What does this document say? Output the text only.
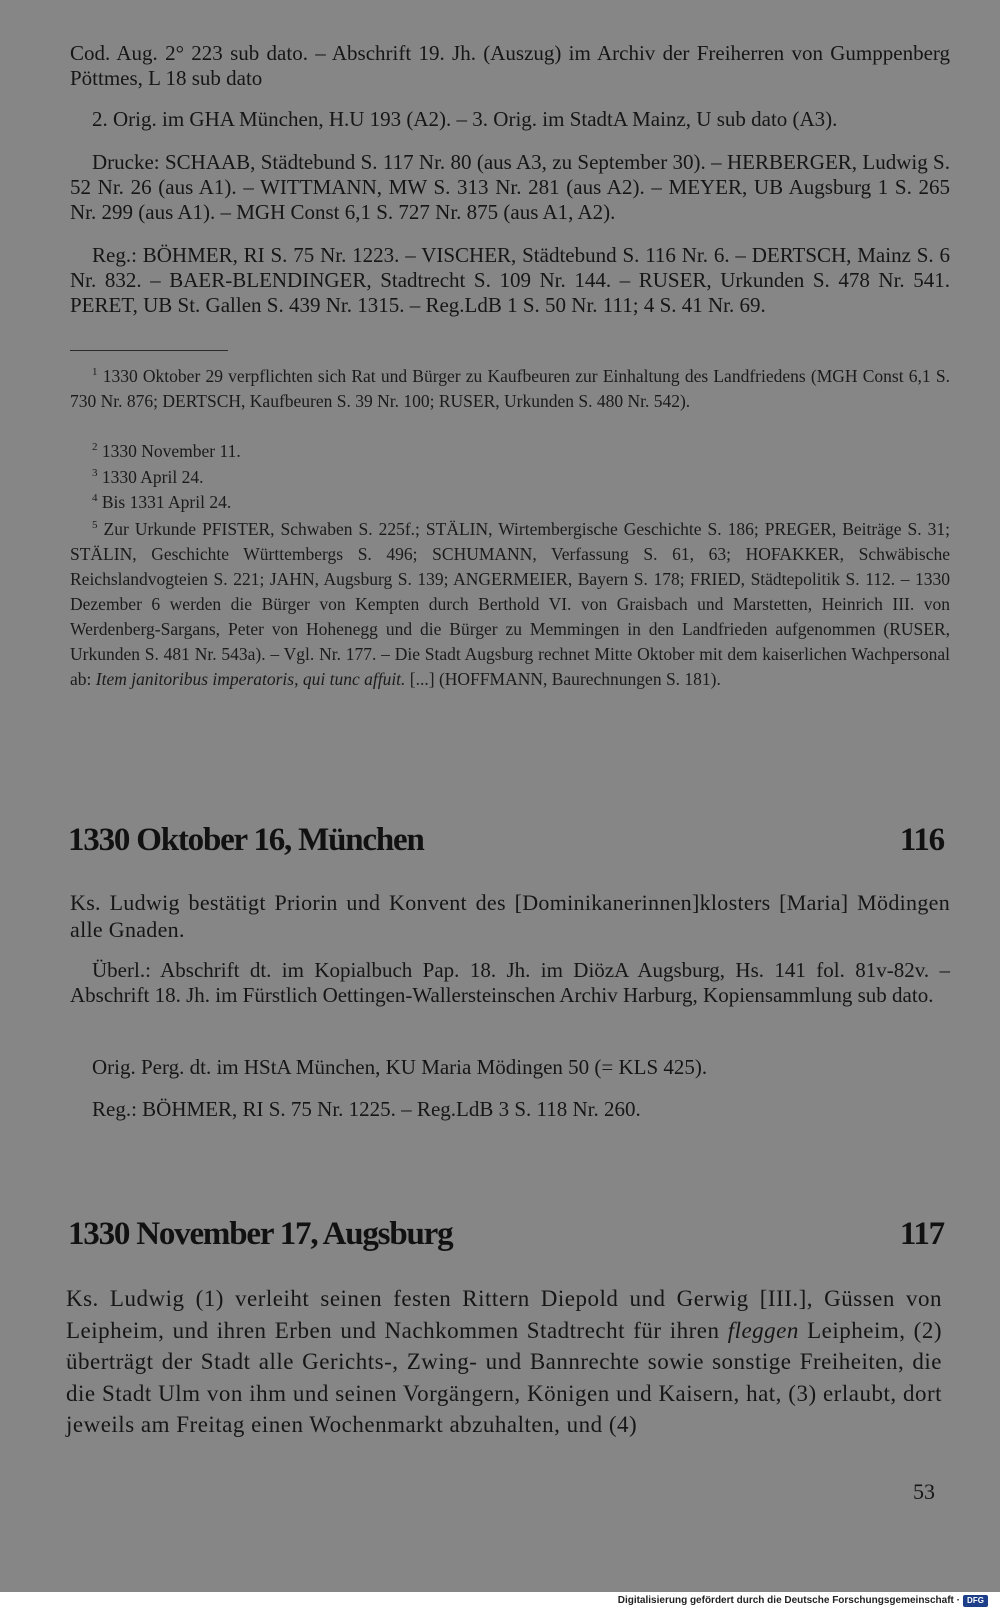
Cod. Aug. 2° 223 sub dato. – Abschrift 19. Jh. (Auszug) im Archiv der Freiherren von Gumppenberg Pöttmes, L 18 sub dato

2. Orig. im GHA München, H.U 193 (A2). – 3. Orig. im StadtA Mainz, U sub dato (A3).

Drucke: SCHAAB, Städtebund S. 117 Nr. 80 (aus A3, zu September 30). – HERBERGER, Ludwig S. 52 Nr. 26 (aus A1). – WITTMANN, MW S. 313 Nr. 281 (aus A2). – MEYER, UB Augsburg 1 S. 265 Nr. 299 (aus A1). – MGH Const 6,1 S. 727 Nr. 875 (aus A1, A2).

Reg.: BÖHMER, RI S. 75 Nr. 1223. – VISCHER, Städtebund S. 116 Nr. 6. – DERTSCH, Mainz S. 6 Nr. 832. – BAER-BLENDINGER, Stadtrecht S. 109 Nr. 144. – RUSER, Urkunden S. 478 Nr. 541. PERET, UB St. Gallen S. 439 Nr. 1315. – Reg.LdB 1 S. 50 Nr. 111; 4 S. 41 Nr. 69.

$^1$ 1330 Oktober 29 verpflichten sich Rat und Bürger zu Kaufbeuren zur Einhaltung des Landfriedens (MGH Const 6,1 S. 730 Nr. 876; DERTSCH, Kaufbeuren S. 39 Nr. 100; RUSER, Urkunden S. 480 Nr. 542).

$^2$ 1330 November 11.

$^3$ 1330 April 24.

$^4$ Bis 1331 April 24.

$^5$ Zur Urkunde PFISTER, Schwaben S. 225f.; STÄLIN, Wirtembergische Geschichte S. 186; PREGER, Beiträge S. 31; STÄLIN, Geschichte Württembergs S. 496; SCHUMANN, Verfassung S. 61, 63; HOFAKKER, Schwäbische Reichslandvogteien S. 221; JAHN, Augsburg S. 139; ANGERMEIER, Bayern S. 178; FRIED, Städtepolitik S. 112. – 1330 Dezember 6 werden die Bürger von Kempten durch Berthold VI. von Graisbach und Marstetten, Heinrich III. von Werdenberg-Sargans, Peter von Hohenegg und die Bürger zu Memmingen in den Landfrieden aufgenommen (RUSER, Urkunden S. 481 Nr. 543a). – Vgl. Nr. 177. – Die Stadt Augsburg rechnet Mitte Oktober mit dem kaiserlichen Wachpersonal ab: Item janitoribus imperatoris, qui tunc affuit. [...] (HOFFMANN, Baurechnungen S. 181).

1330 Oktober 16, München	116

Ks. Ludwig bestätigt Priorin und Konvent des [Dominikanerinnen]klosters [Maria] Mödingen alle Gnaden.

Überl.: Abschrift dt. im Kopialbuch Pap. 18. Jh. im DiözA Augsburg, Hs. 141 fol. 81v-82v. – Abschrift 18. Jh. im Fürstlich Oettingen-Wallersteinschen Archiv Harburg, Kopiensammlung sub dato.

Orig. Perg. dt. im HStA München, KU Maria Mödingen 50 (= KLS 425).

Reg.: BÖHMER, RI S. 75 Nr. 1225. – Reg.LdB 3 S. 118 Nr. 260.

1330 November 17, Augsburg	117

Ks. Ludwig (1) verleiht seinen festen Rittern Diepold und Gerwig [III.], Güssen von Leipheim, und ihren Erben und Nachkommen Stadtrecht für ihren fleggen Leipheim, (2) überträgt der Stadt alle Gerichts-, Zwing- und Bannrechte sowie sonstige Freiheiten, die die Stadt Ulm von ihm und seinen Vorgängern, Königen und Kaisern, hat, (3) erlaubt, dort jeweils am Freitag einen Wochenmarkt abzuhalten, und (4)

53
Digitalisierung gefördert durch die Deutsche Forschungsgemeinschaft · DFG
